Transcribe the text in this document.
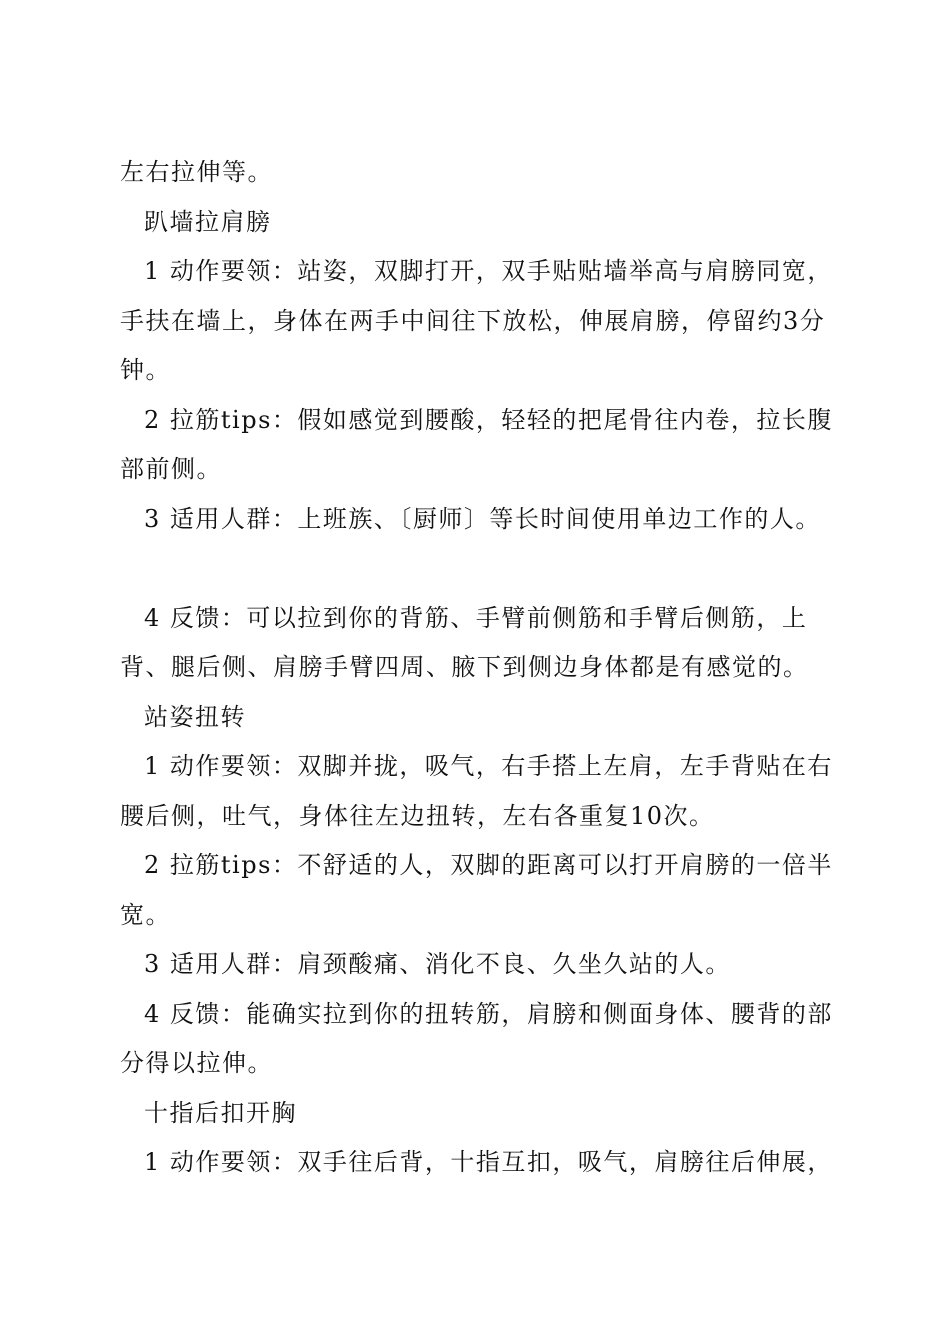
左右拉伸等。

趴墙拉肩膀

1 动作要领：站姿，双脚打开，双手贴贴墙举高与肩膀同宽，手扶在墙上，身体在两手中间往下放松，伸展肩膀，停留约3分钟。

2 拉筋tips：假如感觉到腰酸，轻轻的把尾骨往内卷，拉长腹部前侧。

3 适用人群：上班族、〔厨师〕等长时间使用单边工作的人。

4 反馈：可以拉到你的背筋、手臂前侧筋和手臂后侧筋，上背、腿后侧、肩膀手臂四周、腋下到侧边身体都是有感觉的。

站姿扭转

1 动作要领：双脚并拢，吸气，右手搭上左肩，左手背贴在右腰后侧，吐气，身体往左边扭转，左右各重复10次。

2 拉筋tips：不舒适的人，双脚的距离可以打开肩膀的一倍半宽。

3 适用人群：肩颈酸痛、消化不良、久坐久站的人。

4 反馈：能确实拉到你的扭转筋，肩膀和侧面身体、腰背的部分得以拉伸。

十指后扣开胸

1 动作要领：双手往后背，十指互扣，吸气，肩膀往后伸展，
